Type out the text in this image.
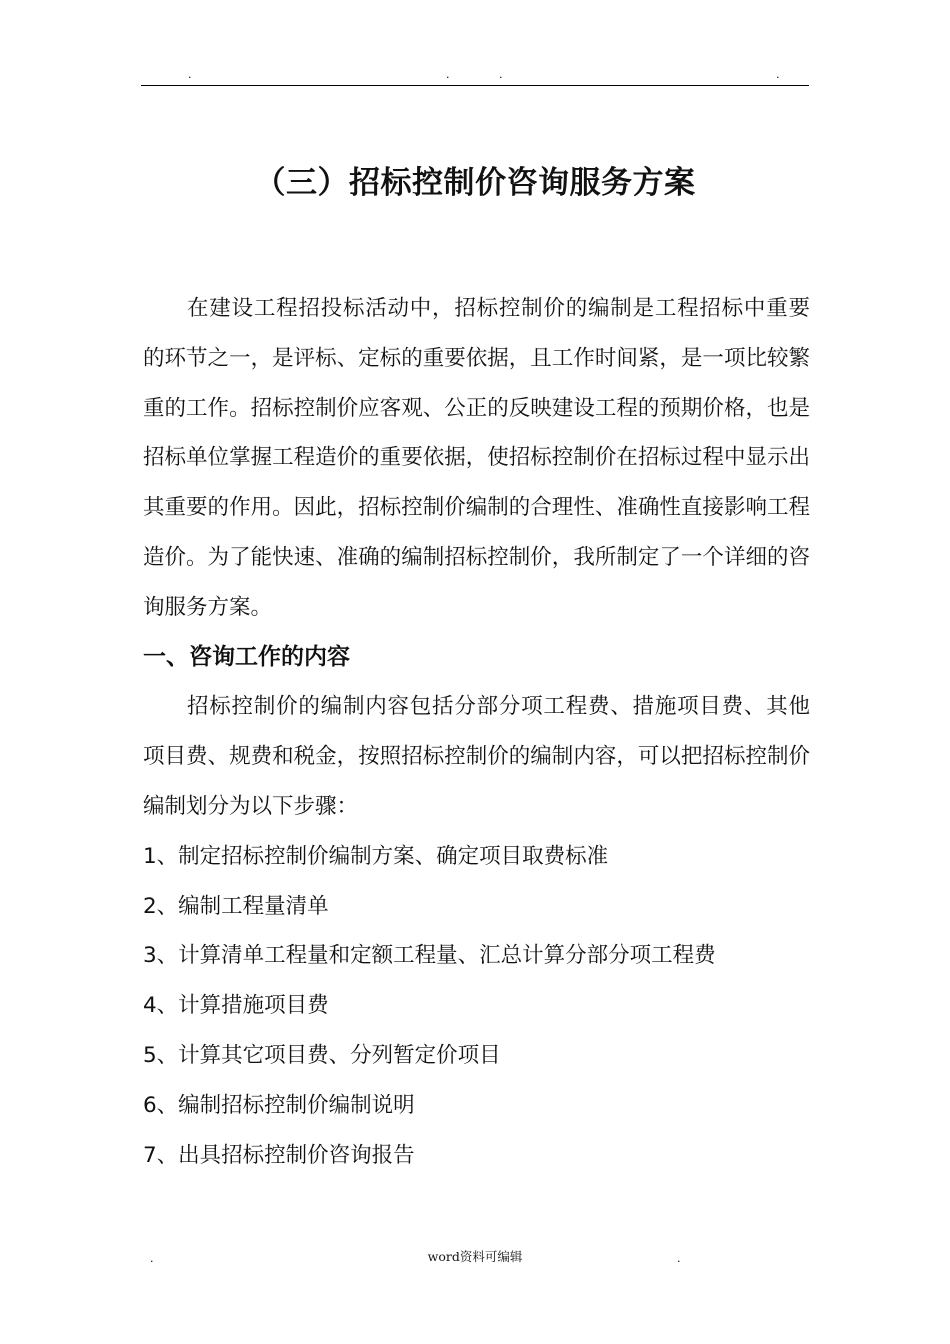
.	.	.	.
（三）招标控制价咨询服务方案

在建设工程招投标活动中，招标控制价的编制是工程招标中重要的环节之一，是评标、定标的重要依据，且工作时间紧，是一项比较繁重的工作。招标控制价应客观、公正的反映建设工程的预期价格，也是招标单位掌握工程造价的重要依据，使招标控制价在招标过程中显示出其重要的作用。因此，招标控制价编制的合理性、准确性直接影响工程造价。为了能快速、准确的编制招标控制价，我所制定了一个详细的咨询服务方案。

一、咨询工作的内容

招标控制价的编制内容包括分部分项工程费、措施项目费、其他项目费、规费和税金，按照招标控制价的编制内容，可以把招标控制价编制划分为以下步骤：

1、制定招标控制价编制方案、确定项目取费标准

2、编制工程量清单

3、计算清单工程量和定额工程量、汇总计算分部分项工程费

4、计算措施项目费

5、计算其它项目费、分列暂定价项目

6、编制招标控制价编制说明

7、出具招标控制价咨询报告

word资料可编辑
.	.
